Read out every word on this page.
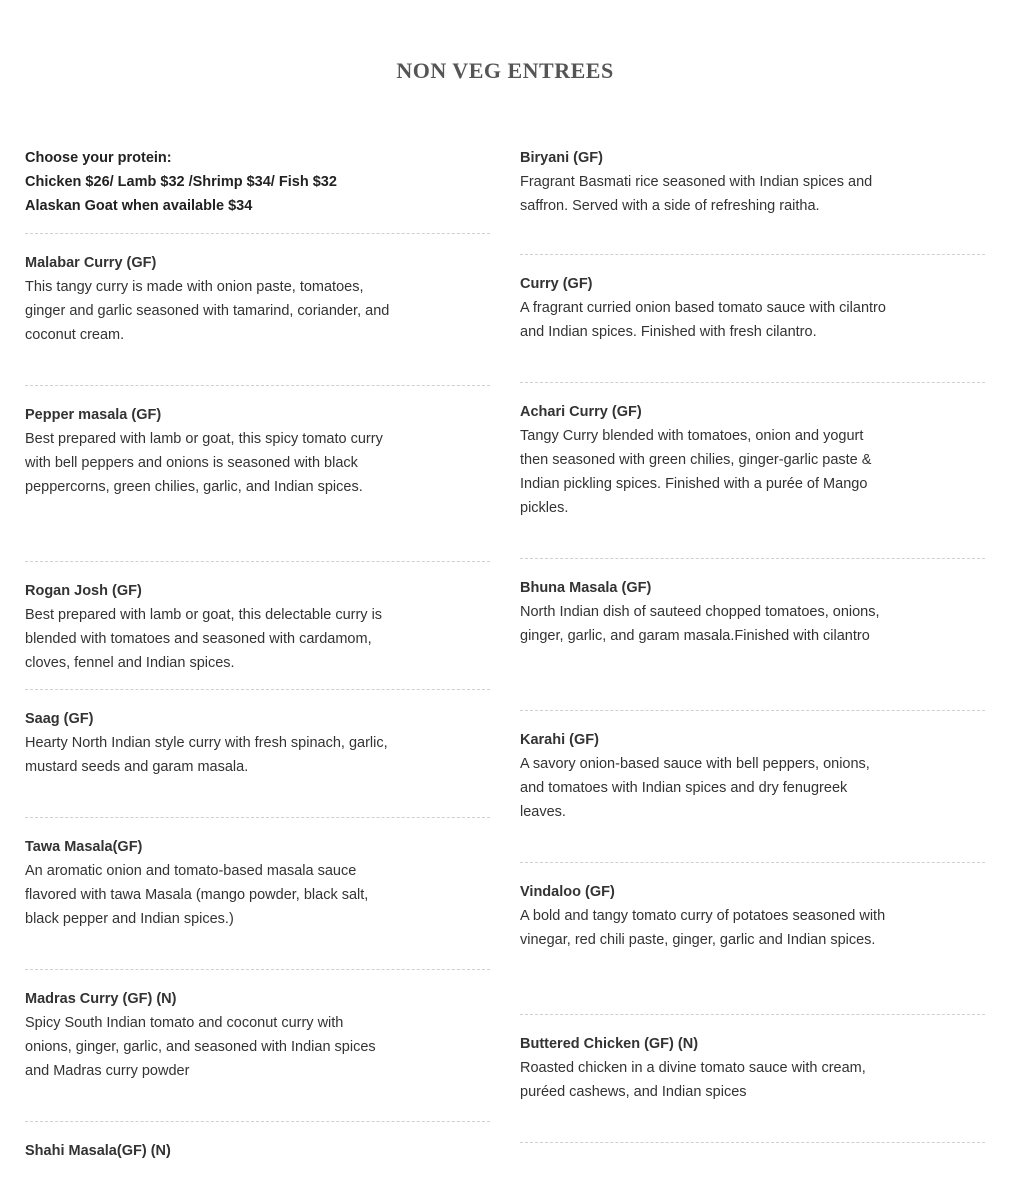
NON VEG ENTREES

Choose your protein:

Chicken $26/ Lamb $32 /Shrimp $34/ Fish $32

Alaskan Goat when available $34

Malabar Curry (GF)

This tangy curry is made with onion paste, tomatoes, ginger and garlic seasoned with tamarind, coriander, and coconut cream.

Pepper masala (GF)

Best prepared with lamb or goat, this spicy tomato curry with bell peppers and onions is seasoned with black peppercorns, green chilies, garlic, and Indian spices.

Rogan Josh (GF)

Best prepared with lamb or goat, this delectable curry is blended with tomatoes and seasoned with cardamom, cloves, fennel and Indian spices.

Saag (GF)

Hearty North Indian style curry with fresh spinach, garlic, mustard seeds and garam masala.

Tawa Masala(GF)

An aromatic onion and tomato-based masala sauce flavored with tawa Masala (mango powder, black salt, black pepper and Indian spices.)

Madras Curry (GF) (N)

Spicy South Indian tomato and coconut curry with onions, ginger, garlic, and seasoned with Indian spices and Madras curry powder

Shahi Masala(GF) (N)

Biryani (GF)

Fragrant Basmati rice seasoned with Indian spices and saffron. Served with a side of refreshing raitha.

Curry (GF)

A fragrant curried onion based tomato sauce with cilantro and Indian spices. Finished with fresh cilantro.

Achari Curry (GF)

Tangy Curry blended with tomatoes, onion and yogurt then seasoned with green chilies, ginger-garlic paste & Indian pickling spices. Finished with a purée of Mango pickles.

Bhuna Masala (GF)

North Indian dish of sauteed chopped tomatoes, onions, ginger, garlic, and garam masala.Finished with cilantro

Karahi (GF)

A savory onion-based sauce with bell peppers, onions, and tomatoes with Indian spices and dry fenugreek leaves.

Vindaloo (GF)

A bold and tangy tomato curry of potatoes seasoned with vinegar, red chili paste, ginger, garlic and Indian spices.

Buttered Chicken (GF) (N)

Roasted chicken in a divine tomato sauce with cream, puréed cashews, and Indian spices
